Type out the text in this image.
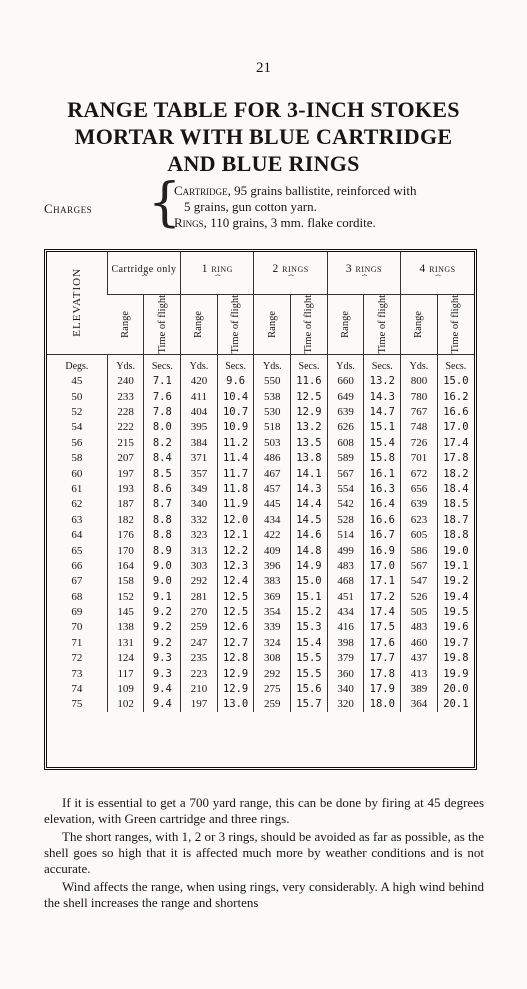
21
RANGE TABLE FOR 3-INCH STOKES
MORTAR WITH BLUE CARTRIDGE
AND BLUE RINGS
Charges {
Cartridge, 95 grains ballistite, reinforced with
5 grains, gun cotton yarn.
Rings, 110 grains, 3 mm. flake cordite.
ELEVATION	Cartridge only
⏞		1 ring
⏞		2 rings
⏞		3 rings
⏞		4 rings
⏞	

	Range	Time of flight	Range	Time of flight	Range	Time of flight	Range	Time of flight	Range	Time of flight

Degs.	Yds.	Secs.	Yds.	Secs.	Yds.	Secs.	Yds.	Secs.	Yds.	Secs.
45	240	7.1	420	9.6	550	11.6	660	13.2	800	15.0
50	233	7.6	411	10.4	538	12.5	649	14.3	780	16.2
52	228	7.8	404	10.7	530	12.9	639	14.7	767	16.6
54	222	8.0	395	10.9	518	13.2	626	15.1	748	17.0
56	215	8.2	384	11.2	503	13.5	608	15.4	726	17.4
58	207	8.4	371	11.4	486	13.8	589	15.8	701	17.8
60	197	8.5	357	11.7	467	14.1	567	16.1	672	18.2
61	193	8.6	349	11.8	457	14.3	554	16.3	656	18.4
62	187	8.7	340	11.9	445	14.4	542	16.4	639	18.5
63	182	8.8	332	12.0	434	14.5	528	16.6	623	18.7
64	176	8.8	323	12.1	422	14.6	514	16.7	605	18.8
65	170	8.9	313	12.2	409	14.8	499	16.9	586	19.0
66	164	9.0	303	12.3	396	14.9	483	17.0	567	19.1
67	158	9.0	292	12.4	383	15.0	468	17.1	547	19.2
68	152	9.1	281	12.5	369	15.1	451	17.2	526	19.4
69	145	9.2	270	12.5	354	15.2	434	17.4	505	19.5
70	138	9.2	259	12.6	339	15.3	416	17.5	483	19.6
71	131	9.2	247	12.7	324	15.4	398	17.6	460	19.7
72	124	9.3	235	12.8	308	15.5	379	17.7	437	19.8
73	117	9.3	223	12.9	292	15.5	360	17.8	413	19.9
74	109	9.4	210	12.9	275	15.6	340	17.9	389	20.0
75	102	9.4	197	13.0	259	15.7	320	18.0	364	20.1

If it is essential to get a 700 yard range, this can be done by firing at 45 degrees elevation, with Green cartridge and three rings.

The short ranges, with 1, 2 or 3 rings, should be avoided as far as possible, as the shell goes so high that it is affected much more by weather conditions and is not accurate.

Wind affects the range, when using rings, very considerably. A high wind behind the shell increases the range and shortens
